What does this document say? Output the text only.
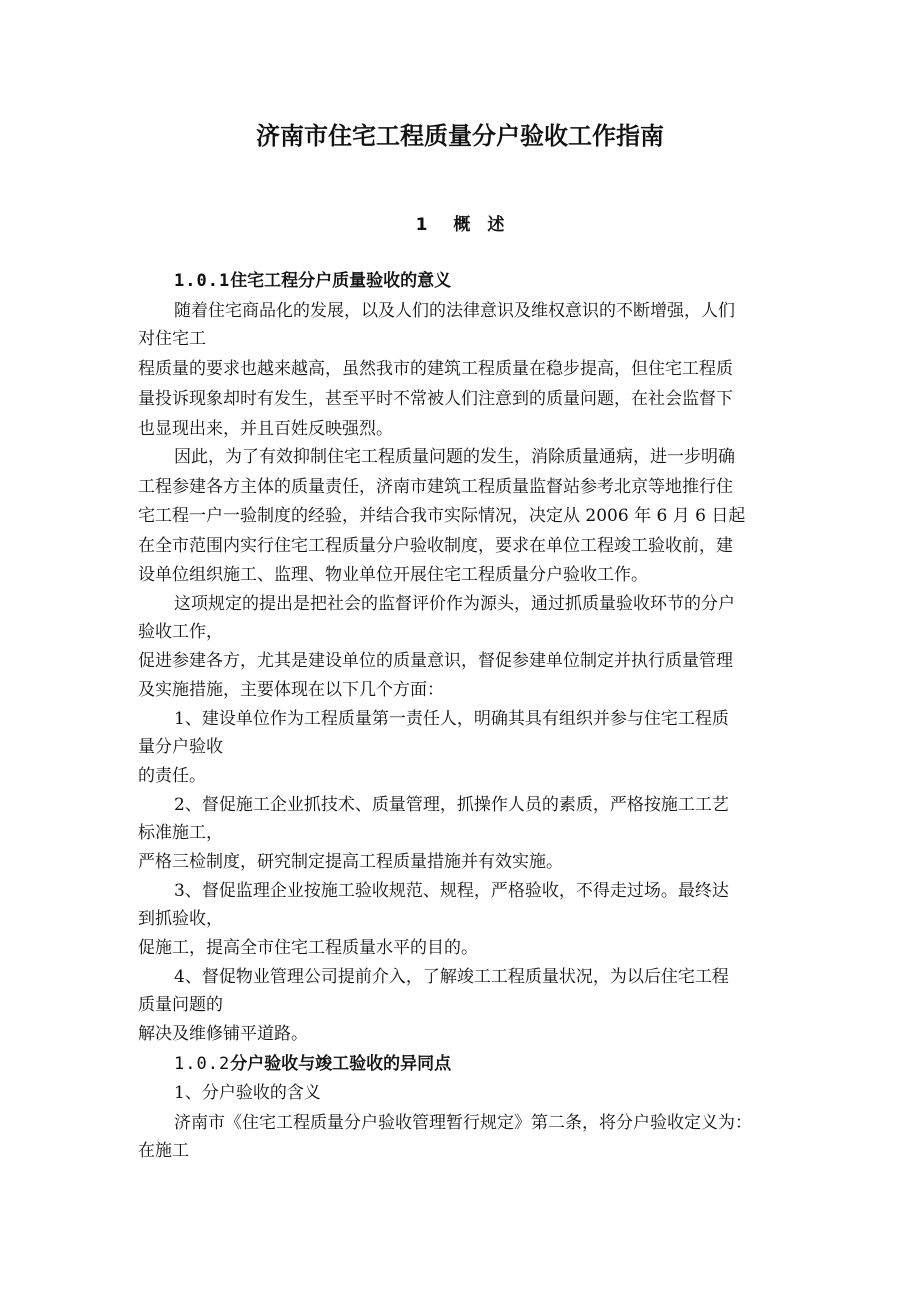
济南市住宅工程质量分户验收工作指南
1 概　述
1.0.1住宅工程分户质量验收的意义
随着住宅商品化的发展，以及人们的法律意识及维权意识的不断增强，人们
对住宅工
程质量的要求也越来越高，虽然我市的建筑工程质量在稳步提高，但住宅工程质
量投诉现象却时有发生，甚至平时不常被人们注意到的质量问题，在社会监督下
也显现出来，并且百姓反映强烈。
因此，为了有效抑制住宅工程质量问题的发生，消除质量通病，进一步明确
工程参建各方主体的质量责任，济南市建筑工程质量监督站参考北京等地推行住
宅工程一户一验制度的经验，并结合我市实际情况，决定从 2006 年 6 月 6 日起
在全市范围内实行住宅工程质量分户验收制度，要求在单位工程竣工验收前，建
设单位组织施工、监理、物业单位开展住宅工程质量分户验收工作。
这项规定的提出是把社会的监督评价作为源头，通过抓质量验收环节的分户
验收工作，
促进参建各方，尤其是建设单位的质量意识，督促参建单位制定并执行质量管理
及实施措施，主要体现在以下几个方面：
1、建设单位作为工程质量第一责任人，明确其具有组织并参与住宅工程质
量分户验收
的责任。
2、督促施工企业抓技术、质量管理，抓操作人员的素质，严格按施工工艺
标准施工，
严格三检制度，研究制定提高工程质量措施并有效实施。
3、督促监理企业按施工验收规范、规程，严格验收，不得走过场。最终达
到抓验收，
促施工，提高全市住宅工程质量水平的目的。
4、督促物业管理公司提前介入，了解竣工工程质量状况，为以后住宅工程
质量问题的
解决及维修铺平道路。
1.0.2分户验收与竣工验收的异同点
1、分户验收的含义
济南市《住宅工程质量分户验收管理暂行规定》第二条，将分户验收定义为：
在施工
